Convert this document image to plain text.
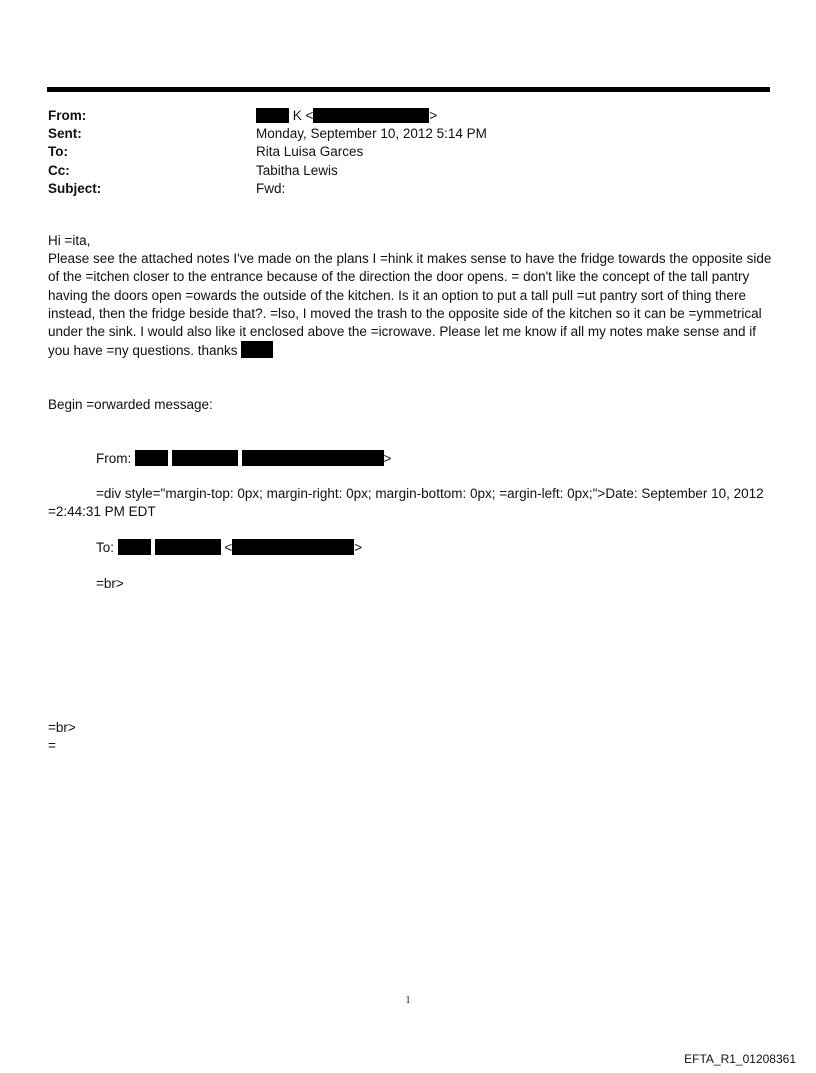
From:	K <	>
Sent:	Monday, September 10, 2012 5:14 PM
To:	Rita Luisa Garces
Cc:	Tabitha Lewis
Subject:	Fwd:

Hi =ita,

Please see the attached notes I've made on the plans I =hink it makes sense to have the fridge towards the opposite side of the =itchen closer to the entrance because of the direction the door opens. = don't like the concept of the tall pantry having the doors open =owards the outside of the kitchen. Is it an option to put a tall pull =ut pantry sort of thing there instead, then the fridge beside that?. =lso, I moved the trash to the opposite side of the kitchen so it can be =ymmetrical under the sink. I would also like it enclosed above the =icrowave. Please let me know if all my notes make sense and if you have =ny questions. thanks

Begin =orwarded message:

From:	>
=div style="margin-top: 0px; margin-right: 0px; margin-bottom: 0px; =argin-left: 0px;">Date: September 10, 2012 =2:44:31 PM EDT
To:	<	>
=br>
=br>
=
1
EFTA_R1_01208361
